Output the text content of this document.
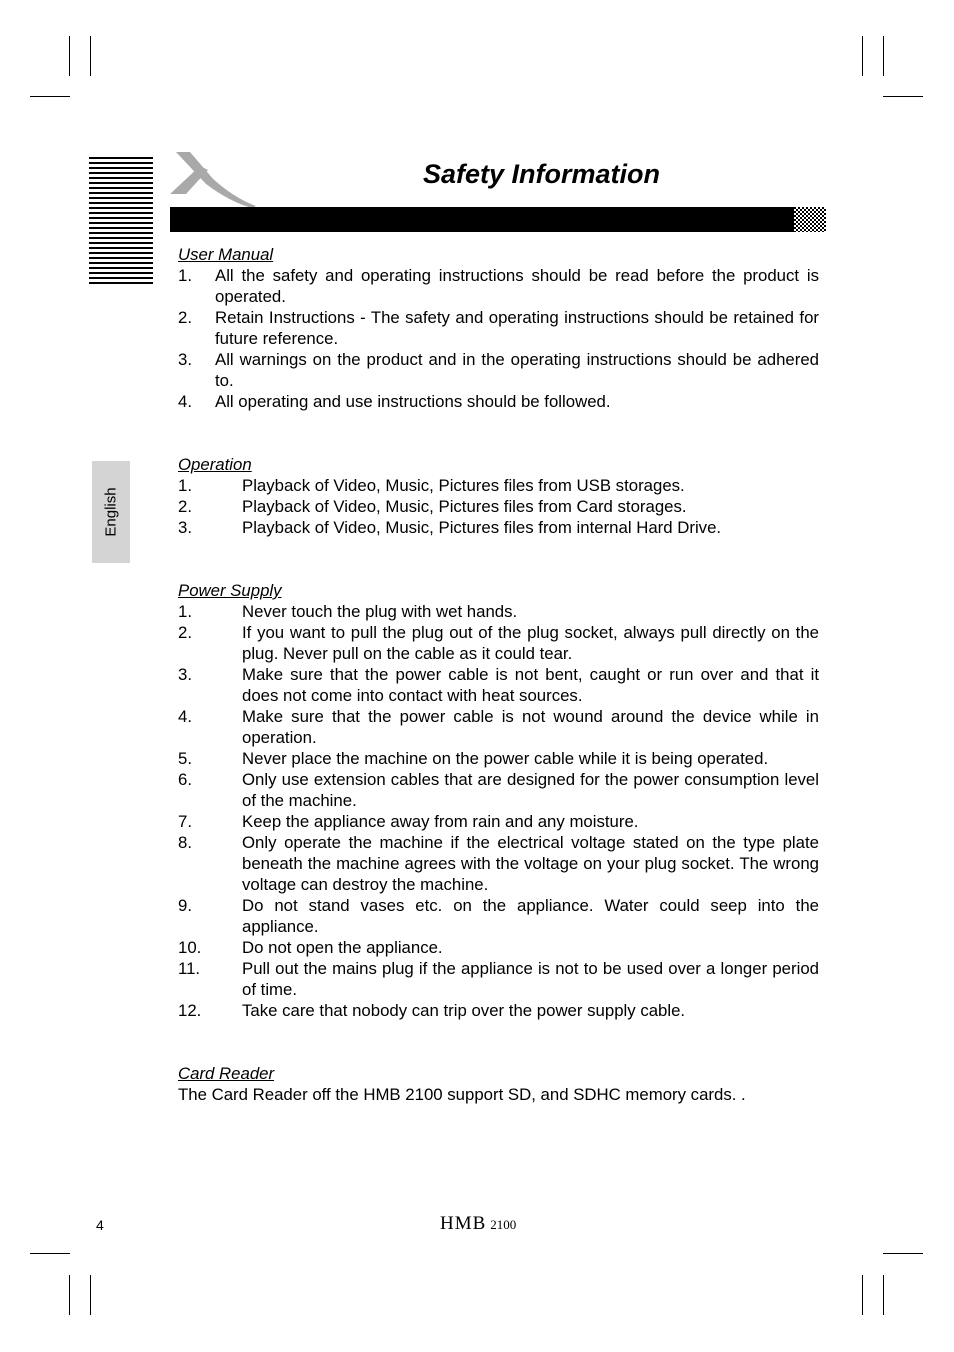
Safety Information
English
User Manual
1.	All the safety and operating instructions should be read before the product is operated.
2.	Retain Instructions - The safety and operating instructions should be retained for future reference.
3.	All warnings on the product and in the operating instructions should be adhered to.
4.	All operating and use instructions should be followed.
Operation
1.	Playback of Video, Music, Pictures files from USB storages.
2.	Playback of Video, Music, Pictures files from Card storages.
3.	Playback of Video, Music, Pictures files from internal Hard Drive.
Power Supply
1.	Never touch the plug with wet hands.
2.	If you want to pull the plug out of the plug socket, always pull directly on the plug. Never pull on the cable as it could tear.
3.	Make sure that the power cable is not bent, caught or run over and that it does not come into contact with heat sources.
4.	Make sure that the power cable is not wound around the device while in operation.
5.	Never place the machine on the power cable while it is being operated.
6.	Only use extension cables that are designed for the power consumption level of the machine.
7.	Keep the appliance away from rain and any moisture.
8.	Only operate the machine if the electrical voltage stated on the type plate beneath the machine agrees with the voltage on your plug socket. The wrong voltage can destroy the machine.
9.	Do not stand vases etc. on the appliance. Water could seep into the appliance.
10.	Do not open the appliance.
11.	Pull out the mains plug if the appliance is not to be used over a longer period of time.
12.	Take care that nobody can trip over the power supply cable.
Card Reader
The Card Reader off the HMB 2100 support SD, and SDHC memory cards. .
4	HMB 2100
